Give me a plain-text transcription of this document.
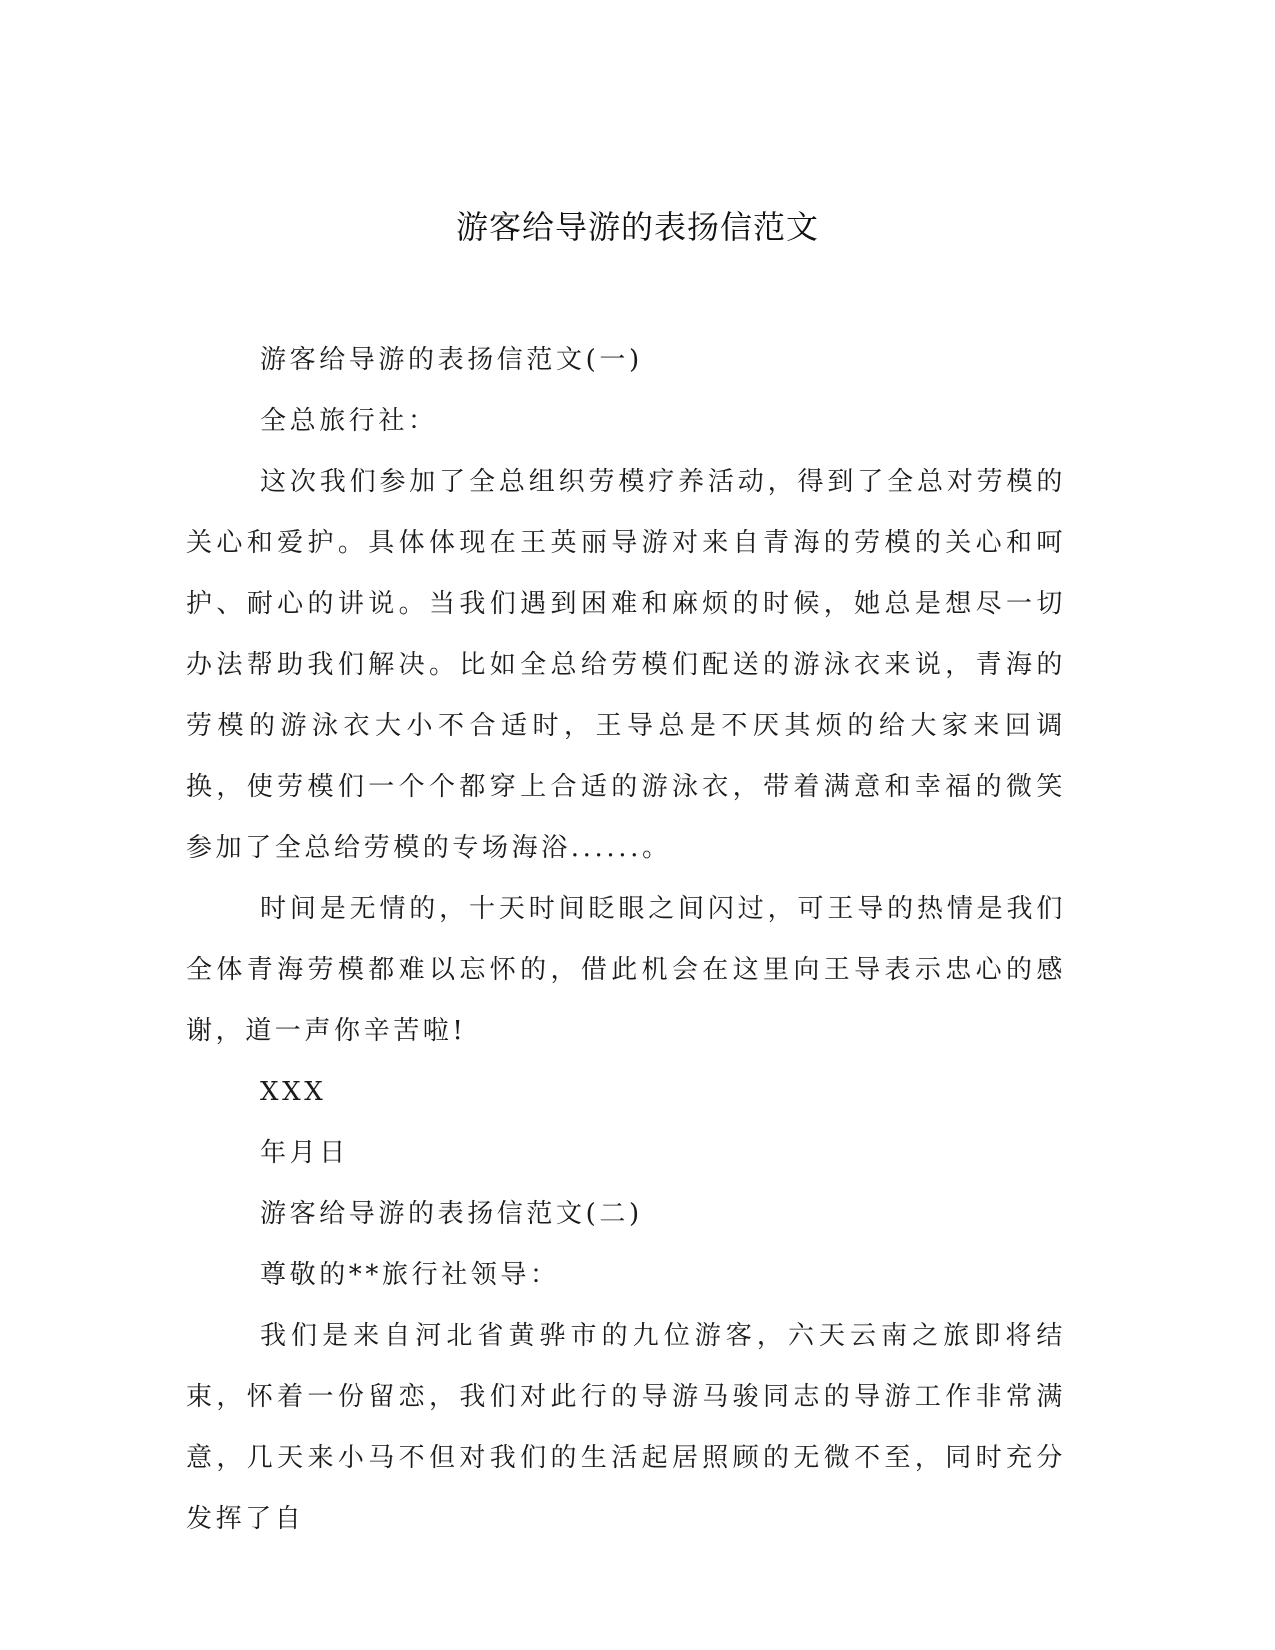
游客给导游的表扬信范文

游客给导游的表扬信范文(一)

全总旅行社：

这次我们参加了全总组织劳模疗养活动，得到了全总对劳模的关心和爱护。具体体现在王英丽导游对来自青海的劳模的关心和呵护、耐心的讲说。当我们遇到困难和麻烦的时候，她总是想尽一切办法帮助我们解决。比如全总给劳模们配送的游泳衣来说，青海的劳模的游泳衣大小不合适时，王导总是不厌其烦的给大家来回调换，使劳模们一个个都穿上合适的游泳衣，带着满意和幸福的微笑参加了全总给劳模的专场海浴......。

时间是无情的，十天时间眨眼之间闪过，可王导的热情是我们全体青海劳模都难以忘怀的，借此机会在这里向王导表示忠心的感谢，道一声你辛苦啦!

XXX

年月日

游客给导游的表扬信范文(二)

尊敬的**旅行社领导：

我们是来自河北省黄骅市的九位游客，六天云南之旅即将结束，怀着一份留恋，我们对此行的导游马骏同志的导游工作非常满意，几天来小马不但对我们的生活起居照顾的无微不至，同时充分发挥了自
